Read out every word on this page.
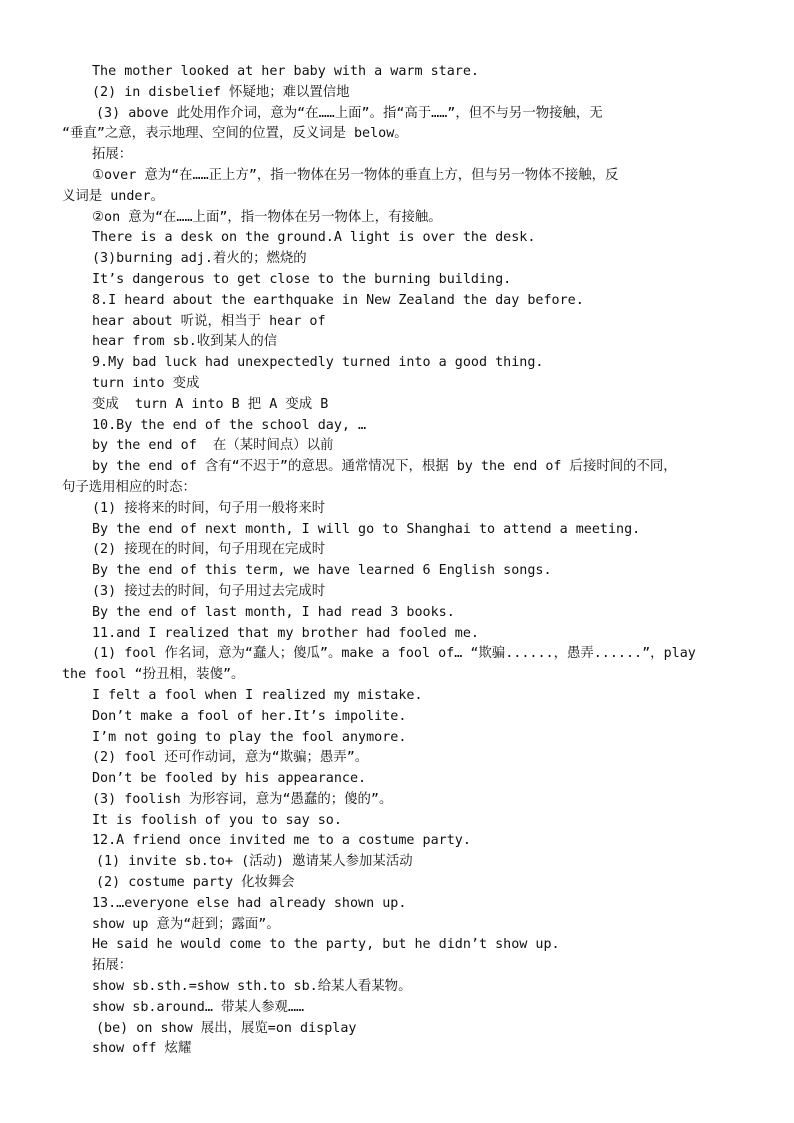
The mother looked at her baby with a warm stare.
(2) in disbelief 怀疑地；难以置信地
(3) above 此处用作介词，意为“在……上面”。指“高于……”，但不与另一物接触，无
“垂直”之意，表示地理、空间的位置，反义词是 below。
拓展：
①over 意为“在……正上方”，指一物体在另一物体的垂直上方，但与另一物体不接触，反
义词是 under。
②on 意为“在……上面”，指一物体在另一物体上，有接触。
There is a desk on the ground.A light is over the desk.
(3)burning adj.着火的；燃烧的
It’s dangerous to get close to the burning building.
8.I heard about the earthquake in New Zealand the day before.
hear about 听说，相当于 hear of
hear from sb.收到某人的信
9.My bad luck had unexpectedly turned into a good thing.
turn into 变成
变成  turn A into B 把 A 变成 B
10.By the end of the school day, …
by the end of  在（某时间点）以前
by the end of 含有“不迟于”的意思。通常情况下，根据 by the end of 后接时间的不同，
句子选用相应的时态：
(1) 接将来的时间，句子用一般将来时
By the end of next month, I will go to Shanghai to attend a meeting.
(2) 接现在的时间，句子用现在完成时
By the end of this term, we have learned 6 English songs.
(3) 接过去的时间，句子用过去完成时
By the end of last month, I had read 3 books.
11.and I realized that my brother had fooled me.
(1) fool 作名词，意为“蠢人；傻瓜”。make a fool of… “欺骗......，愚弄......”，play
the fool “扮丑相，装傻”。
I felt a fool when I realized my mistake.
Don’t make a fool of her.It’s impolite.
I’m not going to play the fool anymore.
(2) fool 还可作动词，意为“欺骗；愚弄”。
Don’t be fooled by his appearance.
(3) foolish 为形容词，意为“愚蠢的；傻的”。
It is foolish of you to say so.
12.A friend once invited me to a costume party.
(1) invite sb.to+ (活动) 邀请某人参加某活动
(2) costume party 化妆舞会
13.…everyone else had already shown up.
show up 意为“赶到；露面”。
He said he would come to the party, but he didn’t show up.
拓展：
show sb.sth.=show sth.to sb.给某人看某物。
show sb.around… 带某人参观……
(be) on show 展出，展览=on display
show off 炫耀
